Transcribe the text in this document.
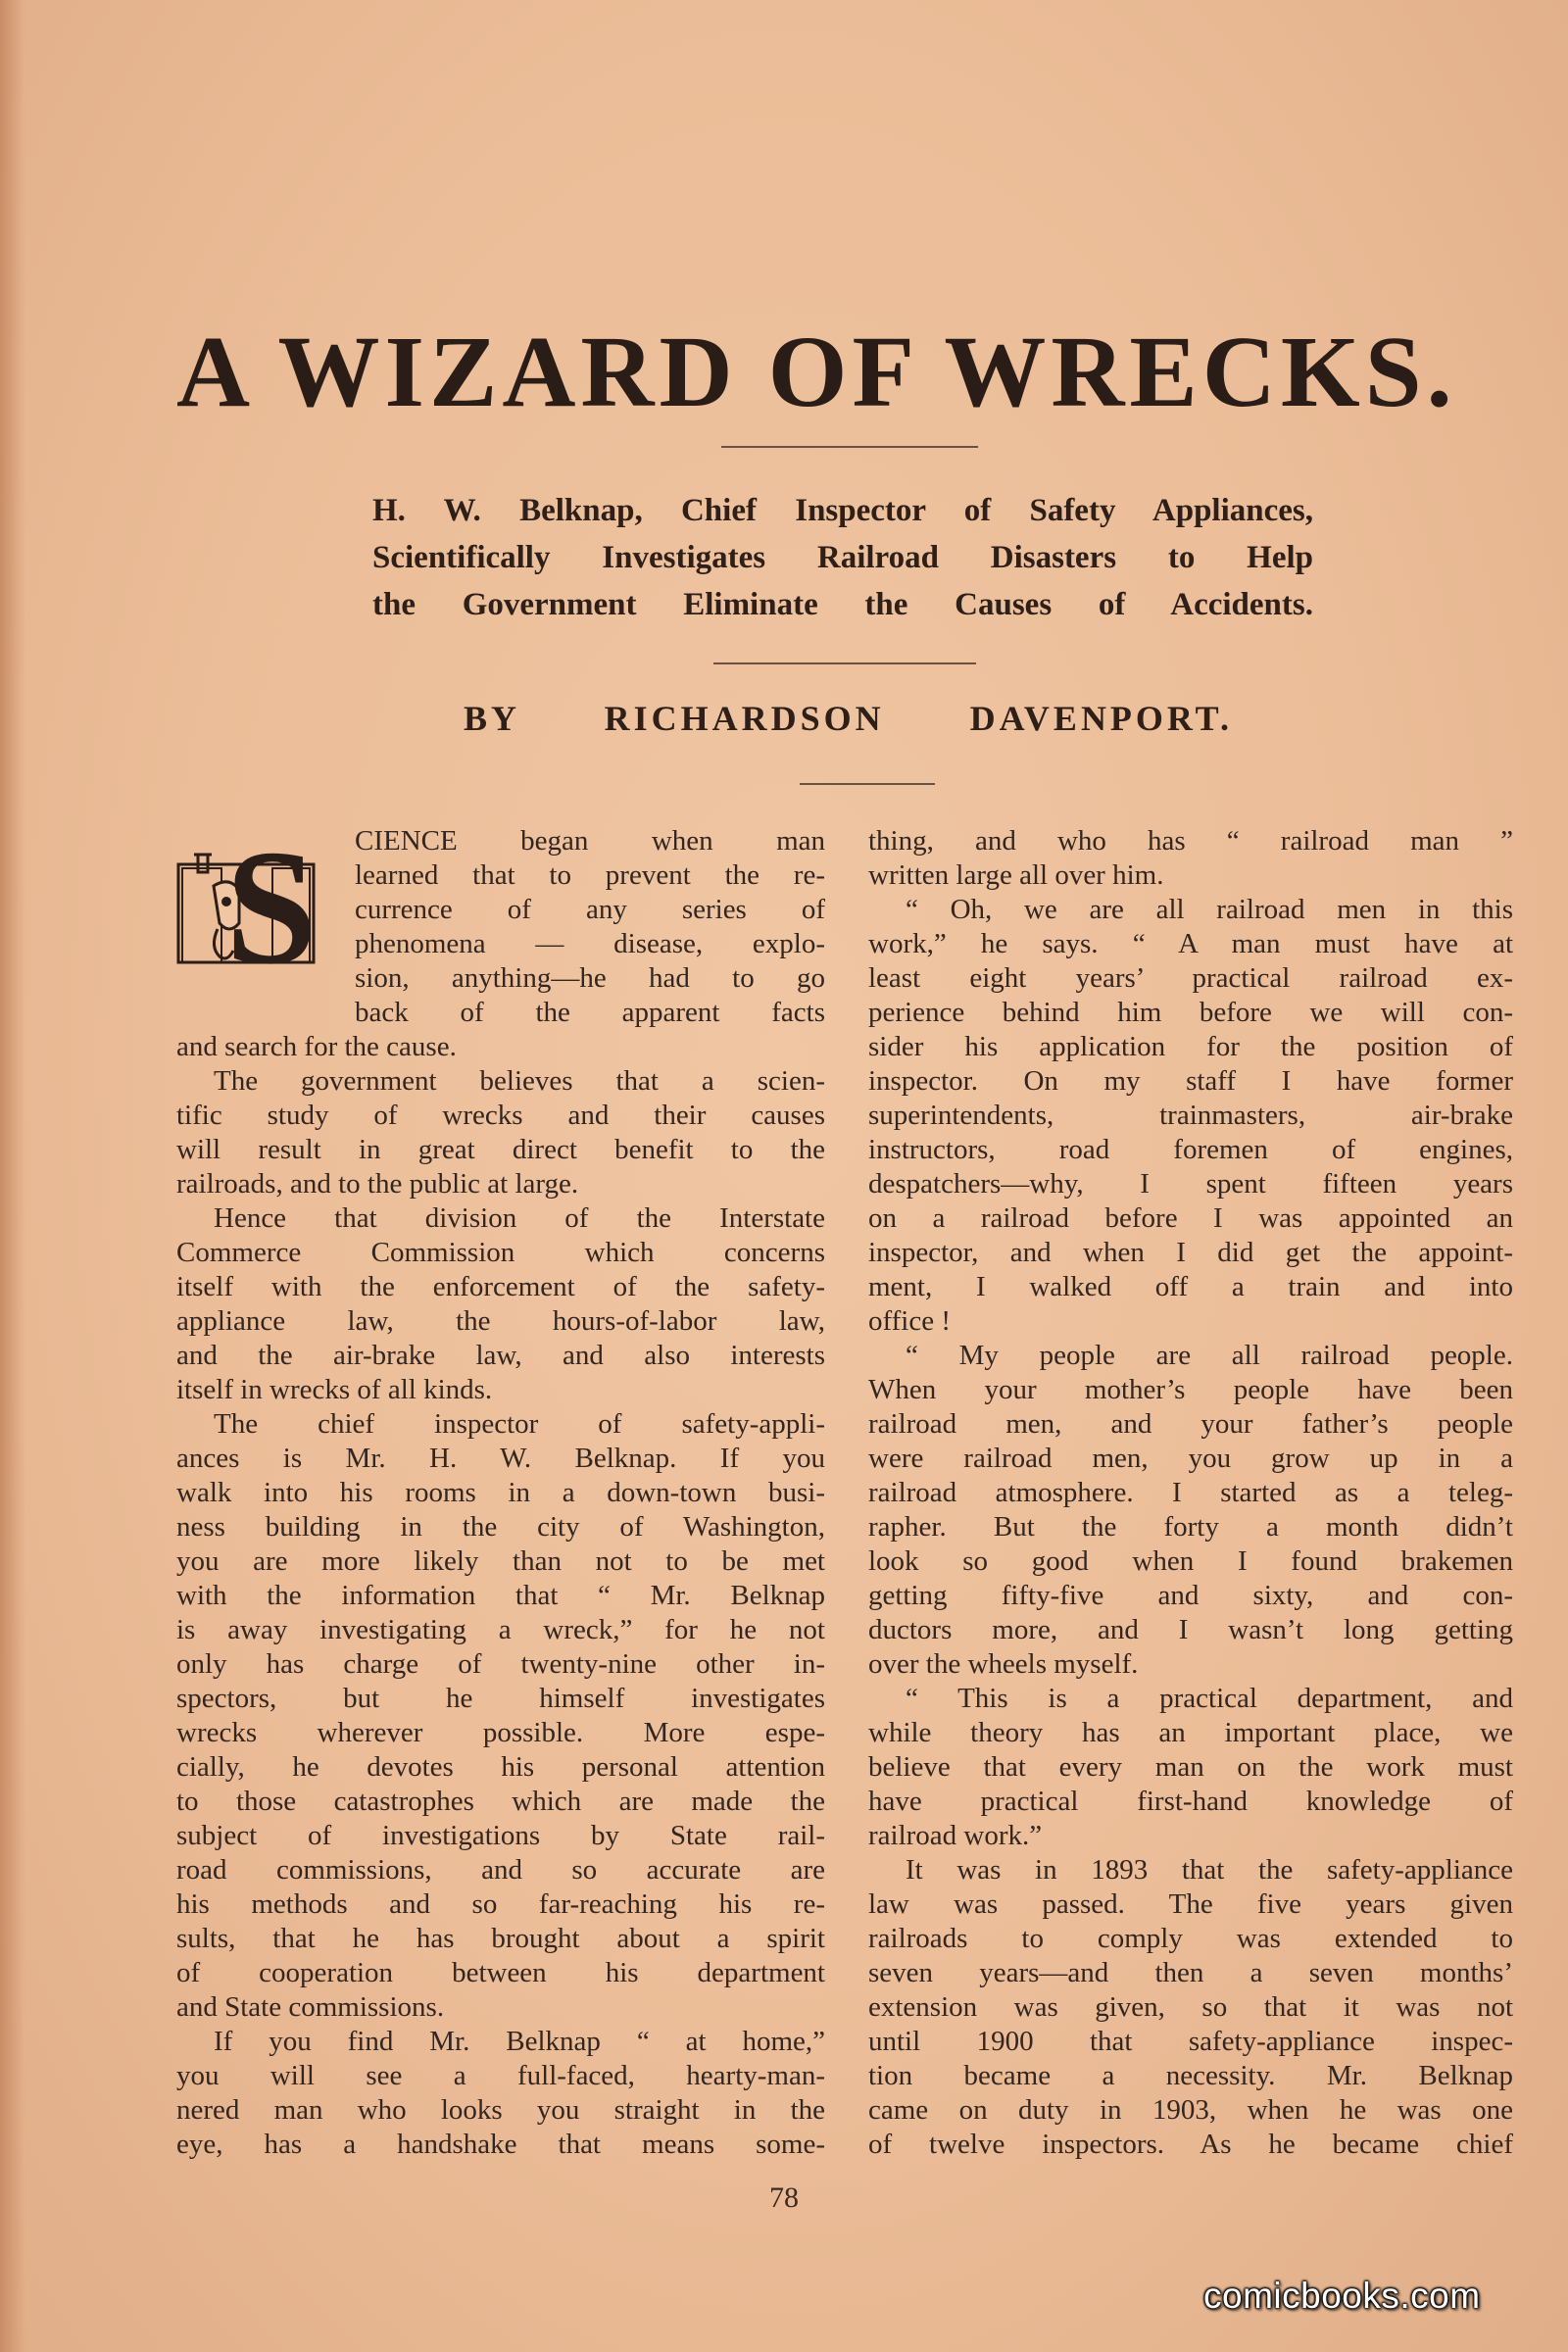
A WIZARD OF WRECKS.
H. W. Belknap, Chief Inspector of Safety Appliances,
Scientifically Investigates Railroad Disasters to Help
the Government Eliminate the Causes of Accidents.
BY RICHARDSON DAVENPORT.
S	CIENCE began when man
learned that to prevent the re-
currence of any series of
phenomena — disease, explo-
sion, anything—he had to go
back of the apparent facts
and search for the cause.
The government believes that a scien-
tific study of wrecks and their causes
will result in great direct benefit to the
railroads, and to the public at large.
Hence that division of the Interstate
Commerce Commission which concerns
itself with the enforcement of the safety-
appliance law, the hours-of-labor law,
and the air-brake law, and also interests
itself in wrecks of all kinds.
The chief inspector of safety-appli-
ances is Mr. H. W. Belknap. If you
walk into his rooms in a down-town busi-
ness building in the city of Washington,
you are more likely than not to be met
with the information that “ Mr. Belknap
is away investigating a wreck,” for he not
only has charge of twenty-nine other in-
spectors, but he himself investigates
wrecks wherever possible. More espe-
cially, he devotes his personal attention
to those catastrophes which are made the
subject of investigations by State rail-
road commissions, and so accurate are
his methods and so far-reaching his re-
sults, that he has brought about a spirit
of cooperation between his department
and State commissions.
If you find Mr. Belknap “ at home,”
you will see a full-faced, hearty-man-
nered man who looks you straight in the
eye, has a handshake that means some-
thing, and who has “ railroad man ”
written large all over him.
“ Oh, we are all railroad men in this
work,” he says. “ A man must have at
least eight years’ practical railroad ex-
perience behind him before we will con-
sider his application for the position of
inspector. On my staff I have former
superintendents, trainmasters, air-brake
instructors, road foremen of engines,
despatchers—why, I spent fifteen years
on a railroad before I was appointed an
inspector, and when I did get the appoint-
ment, I walked off a train and into
office !
“ My people are all railroad people.
When your mother’s people have been
railroad men, and your father’s people
were railroad men, you grow up in a
railroad atmosphere. I started as a teleg-
rapher. But the forty a month didn’t
look so good when I found brakemen
getting fifty-five and sixty, and con-
ductors more, and I wasn’t long getting
over the wheels myself.
“ This is a practical department, and
while theory has an important place, we
believe that every man on the work must
have practical first-hand knowledge of
railroad work.”
It was in 1893 that the safety-appliance
law was passed. The five years given
railroads to comply was extended to
seven years—and then a seven months’
extension was given, so that it was not
until 1900 that safety-appliance inspec-
tion became a necessity. Mr. Belknap
came on duty in 1903, when he was one
of twelve inspectors. As he became chief
78
comicbooks.com
